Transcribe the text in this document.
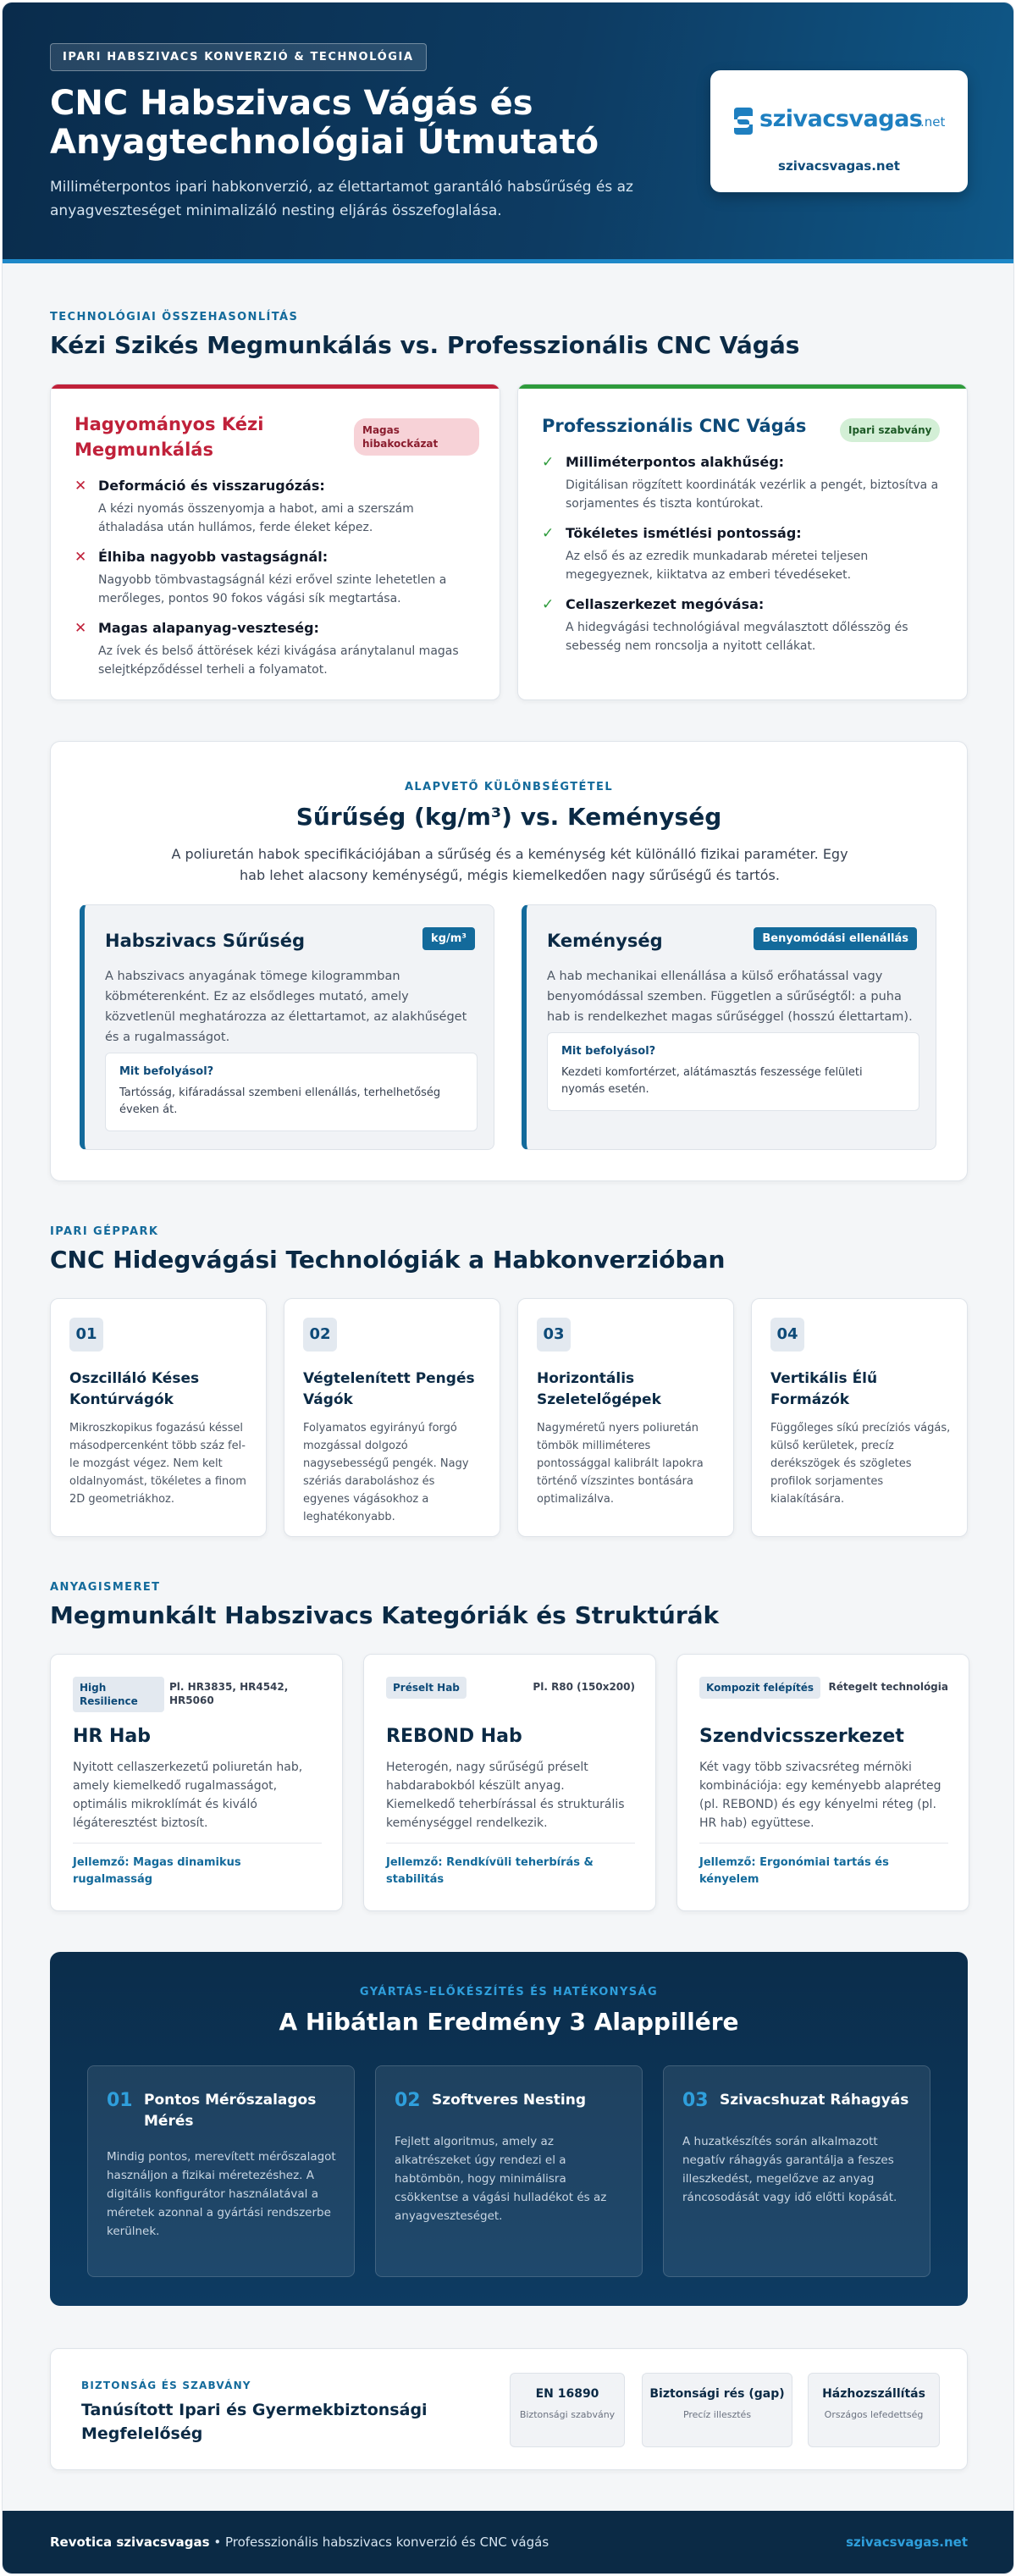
IPARI HABSZIVACS KONVERZIÓ & TECHNOLÓGIA
CNC Habszivacs Vágás és Anyagtechnológiai Útmutató
Milliméterpontos ipari habkonverzió, az élettartamot garantáló habsűrűség és az anyagveszteséget minimalizáló nesting eljárás összefoglalása.
szivacsvagas
.net
szivacsvagas.net
TECHNOLÓGIAI ÖSSZEHASONLÍTÁS
Kézi Szikés Megmunkálás vs. Professzionális CNC Vágás
Hagyományos Kézi Megmunkálás
Magas hibakockázat
✕ Deformáció és visszarugózás:
A kézi nyomás összenyomja a habot, ami a szerszám áthaladása után hullámos, ferde éleket képez.
✕ Élhiba nagyobb vastagságnál:
Nagyobb tömbvastagságnál kézi erővel szinte lehetetlen a merőleges, pontos 90 fokos vágási sík megtartása.
✕ Magas alapanyag-veszteség:
Az ívek és belső áttörések kézi kivágása aránytalanul magas selejtképződéssel terheli a folyamatot.
Professzionális CNC Vágás	Ipari szabvány
✓ Milliméterpontos alakhűség:
Digitálisan rögzített koordináták vezérlik a pengét, biztosítva a sorjamentes és tiszta kontúrokat.
✓ Tökéletes ismétlési pontosság:
Az első és az ezredik munkadarab méretei teljesen megegyeznek, kiiktatva az emberi tévedéseket.
✓ Cellaszerkezet megóvása:
A hidegvágási technológiával megválasztott dőlésszög és sebesség nem roncsolja a nyitott cellákat.
ALAPVETŐ KÜLÖNBSÉGTÉTEL
Sűrűség (kg/m³) vs. Keménység
A poliuretán habok specifikációjában a sűrűség és a keménység két különálló fizikai paraméter. Egy hab lehet alacsony keménységű, mégis kiemelkedően nagy sűrűségű és tartós.
Habszivacs Sűrűség	kg/m³
A habszivacs anyagának tömege kilogrammban köbméterenként. Ez az elsődleges mutató, amely közvetlenül meghatározza az élettartamot, az alakhűséget és a rugalmasságot.
Mit befolyásol?
Tartósság, kifáradással szembeni ellenállás, terhelhetőség éveken át.
Keménység	Benyomódási ellenállás
A hab mechanikai ellenállása a külső erőhatással vagy benyomódással szemben. Független a sűrűségtől: a puha hab is rendelkezhet magas sűrűséggel (hosszú élettartam).
Mit befolyásol?
Kezdeti komfortérzet, alátámasztás feszessége felületi nyomás esetén.
IPARI GÉPPARK
CNC Hidegvágási Technológiák a Habkonverzióban
01
Oszcilláló Késes Kontúrvágók
Mikroszkopikus fogazású késsel másodpercenként több száz fel-le mozgást végez. Nem kelt oldalnyomást, tökéletes a finom 2D geometriákhoz.
02
Végtelenített Pengés Vágók
Folyamatos egyirányú forgó mozgással dolgozó nagysebességű pengék. Nagy szériás daraboláshoz és egyenes vágásokhoz a leghatékonyabb.
03
Horizontális Szeletelőgépek
Nagyméretű nyers poliuretán tömbök milliméteres pontossággal kalibrált lapokra történő vízszintes bontására optimalizálva.
04
Vertikális Élű Formázók
Függőleges síkú precíziós vágás, külső kerületek, precíz derékszögek és szögletes profilok sorjamentes kialakítására.
ANYAGISMERET
Megmunkált Habszivacs Kategóriák és Struktúrák
High Resilience
Pl. HR3835, HR4542, HR5060
HR Hab
Nyitott cellaszerkezetű poliuretán hab, amely kiemelkedő rugalmasságot, optimális mikroklímát és kiváló légáteresztést biztosít.
Jellemző: Magas dinamikus rugalmasság
Préselt Hab	Pl. R80 (150x200)
REBOND Hab
Heterogén, nagy sűrűségű préselt habdarabokból készült anyag. Kiemelkedő teherbírással és strukturális keménységgel rendelkezik.
Jellemző: Rendkívüli teherbírás & stabilitás
Kompozit felépítés	Rétegelt technológia
Szendvicsszerkezet
Két vagy több szivacsréteg mérnöki kombinációja: egy keményebb alapréteg (pl. REBOND) és egy kényelmi réteg (pl. HR hab) együttese.
Jellemző: Ergonómiai tartás és kényelem
GYÁRTÁS-ELŐKÉSZÍTÉS ÉS HATÉKONYSÁG
A Hibátlan Eredmény 3 Alappillére
01 Pontos Mérőszalagos Mérés
Mindig pontos, merevített mérőszalagot használjon a fizikai méretezéshez. A digitális konfigurátor használatával a méretek azonnal a gyártási rendszerbe kerülnek.
02 Szoftveres Nesting
Fejlett algoritmus, amely az alkatrészeket úgy rendezi el a habtömbön, hogy minimálisra csökkentse a vágási hulladékot és az anyagveszteséget.
03 Szivacshuzat Ráhagyás
A huzatkészítés során alkalmazott negatív ráhagyás garantálja a feszes illeszkedést, megelőzve az anyag ráncosodását vagy idő előtti kopását.
BIZTONSÁG ÉS SZABVÁNY
Tanúsított Ipari és Gyermekbiztonsági Megfelelőség
EN 16890
Biztonsági szabvány
Biztonsági rés (gap)
Precíz illesztés
Házhozszállítás
Országos lefedettség
Revotica szivacsvagas • Professzionális habszivacs konverzió és CNC vágás	szivacsvagas.net
